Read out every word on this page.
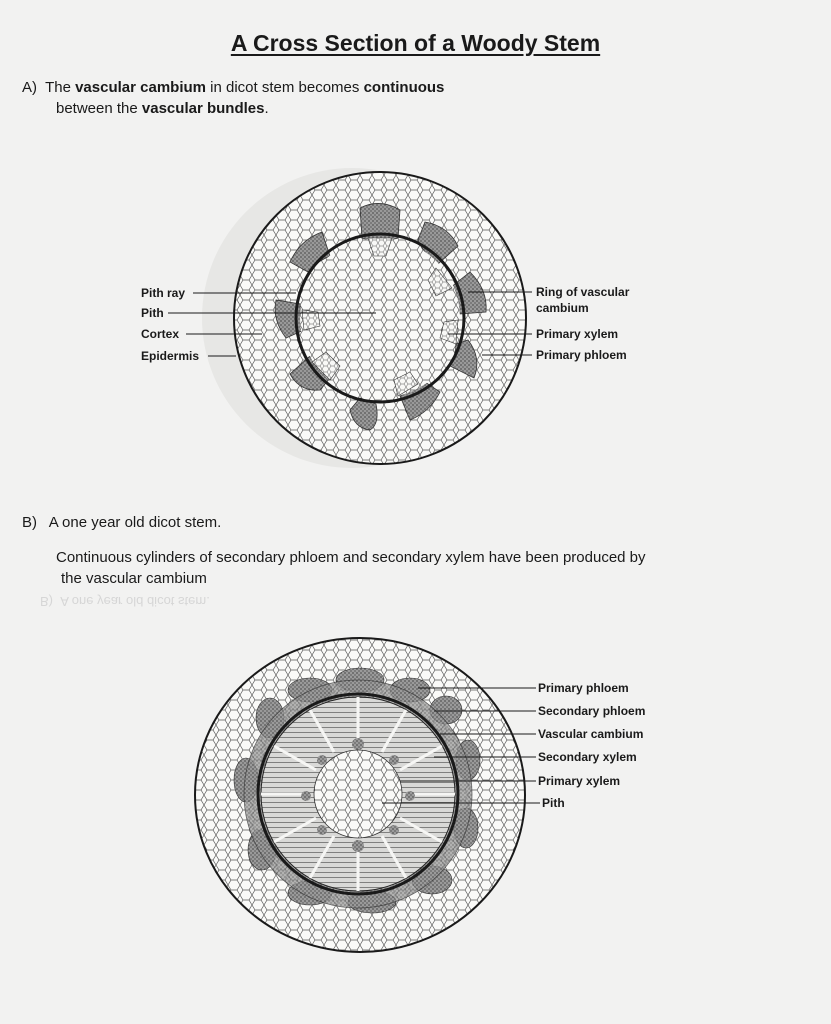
B)  A one year old dicot stem.
A Cross Section of a Woody Stem
A) The vascular cambium in dicot stem becomes continuous
between the vascular bundles.
B) A one year old dicot stem.
Continuous cylinders of secondary phloem and secondary xylem have been produced by
the vascular cambium
Pith ray
Pith
Cortex
Epidermis
Ring of vascular
cambium
Primary xylem
Primary phloem
Primary phloem
Secondary phloem
Vascular cambium
Secondary xylem
Primary xylem
Pith
